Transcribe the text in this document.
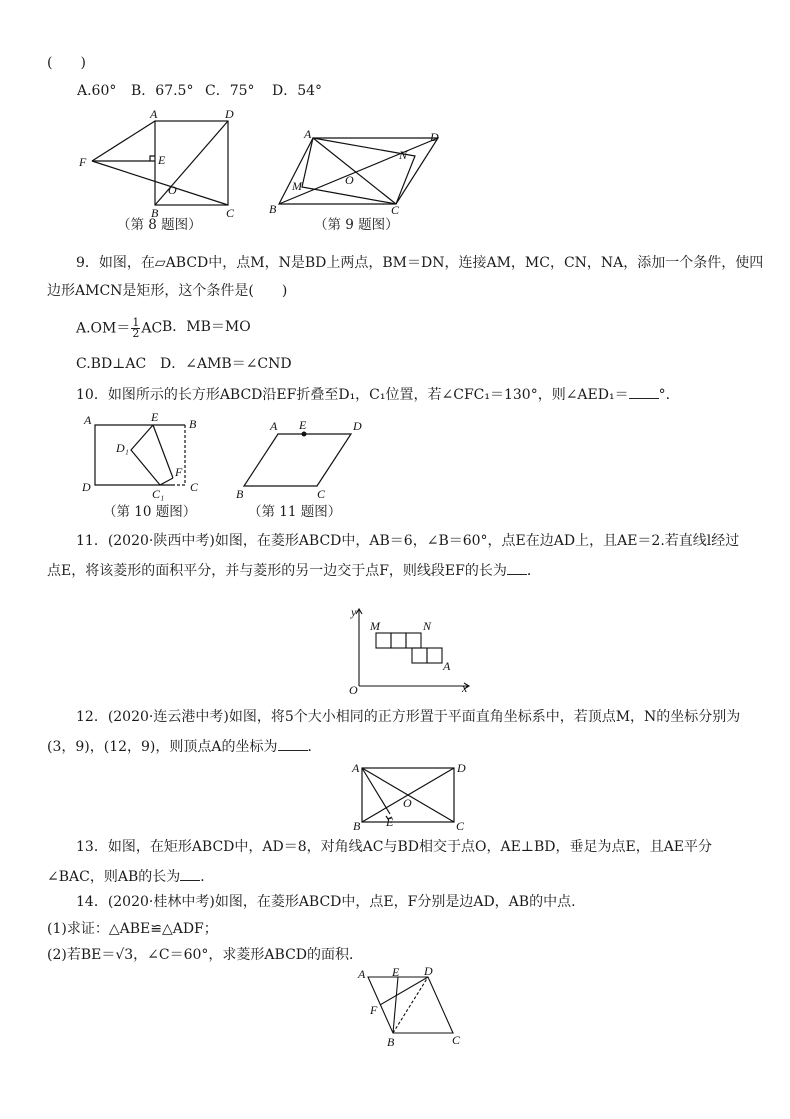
(　　)
A.60° B．67.5° C．75° D．54°
A	D
F	E
O
B	C
（第 8 题图）
A	D
N
O
M
B	C
（第 9 题图）
9．如图，在▱ABCD中，点M，N是BD上两点，BM＝DN，连接AM，MC，CN，NA，添加一个条件，使四
边形AMCN是矩形，这个条件是(　　)
$A.OM= \frac{1}{2}$ AC B．MB＝MO
C.BD⊥AC D．∠AMB＝∠CND
10．如图所示的长方形ABCD沿EF折叠至D₁，C₁位置，若∠CFC₁＝130°，则∠AED₁＝ °.
A	E	B
D₁
F
D	C₁ C
（第 10 题图）
A E	D
B	C
（第 11 题图）
11．(2020·陕西中考)如图，在菱形ABCD中，AB＝6，∠B＝60°，点E在边AD上，且AE＝2.若直线l经过
点E，将该菱形的面积平分，并与菱形的另一边交于点F，则线段EF的长为 ．
y
M	N
A
O	x
12．(2020·连云港中考)如图，将5个大小相同的正方形置于平面直角坐标系中，若顶点M，N的坐标分别为
(3，9)，(12，9)，则顶点A的坐标为 ．
A	D
O
E
B	C
13．如图，在矩形ABCD中，AD＝8，对角线AC与BD相交于点O，AE⊥BD，垂足为点E，且AE平分
∠BAC，则AB的长为 ．
14．(2020·桂林中考)如图，在菱形ABCD中，点E，F分别是边AD，AB的中点.
(1)求证：△ABE≌△ADF；
(2)若BE＝√3，∠C＝60°，求菱形ABCD的面积．
A E D
F
B	C
